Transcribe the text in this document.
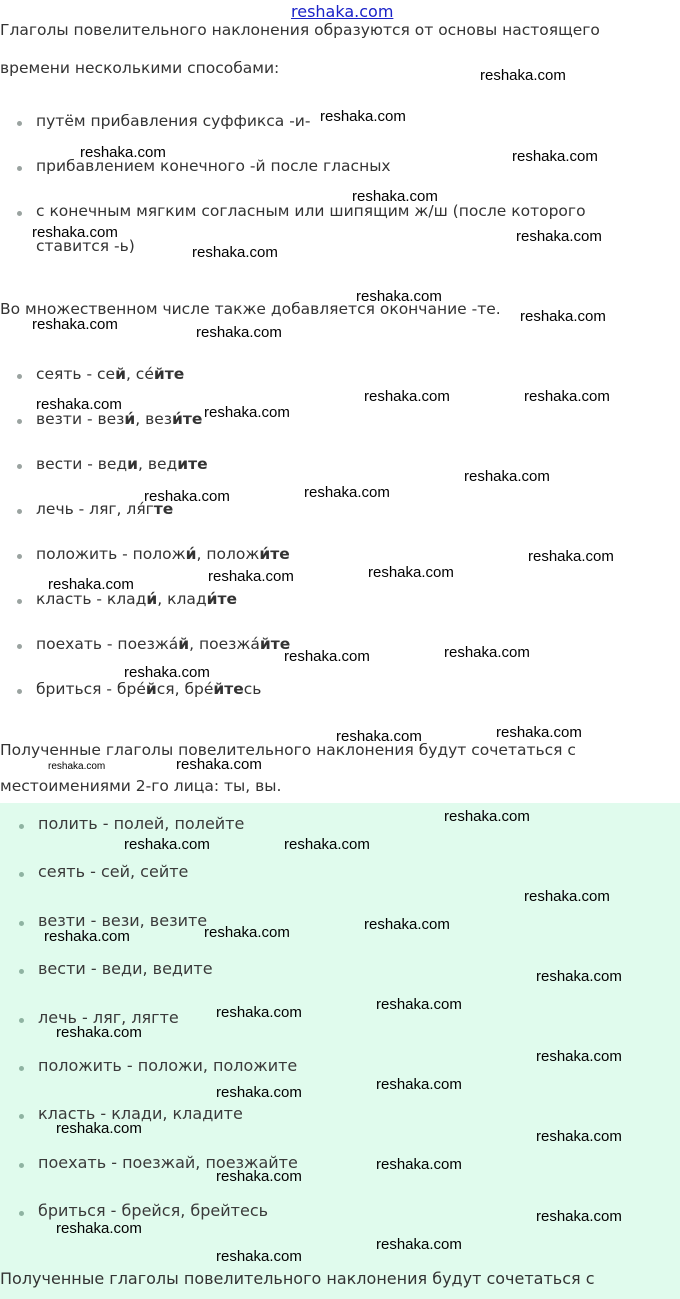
reshaka.com
Глаголы повелительного наклонения образуются от основы настоящего
времени несколькими способами:
путём прибавления суффикса -и-
прибавлением конечного -й после гласных
с конечным мягким согласным или шипящим ж/ш (после которого
ставится -ь)
Во множественном числе также добавляется окончание -те.
сеять - сей, сéйте
везти - вези́, вези́те
вести - веди, ведите
лечь - ляг, ля́гте
положить - положи́, положи́те
класть - клади́, клади́те
поехать - поезжа́й, поезжа́йте
бриться - брéйся, брéйтесь
Полученные глаголы повелительного наклонения будут сочетаться с
местоимениями 2-го лица: ты, вы.
полить - полей, полейте
сеять - сей, сейте
везти - вези, везите
вести - веди, ведите
лечь - ляг, лягте
положить - положи, положите
класть - клади, кладите
поехать - поезжай, поезжайте
бриться - брейся, брейтесь
Полученные глаголы повелительного наклонения будут сочетаться с
reshaka.com
reshaka.com
reshaka.com	reshaka.com
reshaka.com
reshaka.com	reshaka.com
reshaka.com
reshaka.com
reshaka.com
reshaka.com	reshaka.com
reshaka.com	reshaka.com
reshaka.com	reshaka.com
reshaka.com
reshaka.com
reshaka.com
reshaka.com
reshaka.com
reshaka.com
reshaka.com
reshaka.com
reshaka.com
reshaka.com
reshaka.com
reshaka.com
reshaka.com
reshaka.com
reshaka.com
reshaka.com	reshaka.com
reshaka.com
reshaka.com
reshaka.com
reshaka.com
reshaka.com
reshaka.com
reshaka.com
reshaka.com
reshaka.com
reshaka.com
reshaka.com
reshaka.com	reshaka.com
reshaka.com
reshaka.com
reshaka.com
reshaka.com
reshaka.com
reshaka.com
